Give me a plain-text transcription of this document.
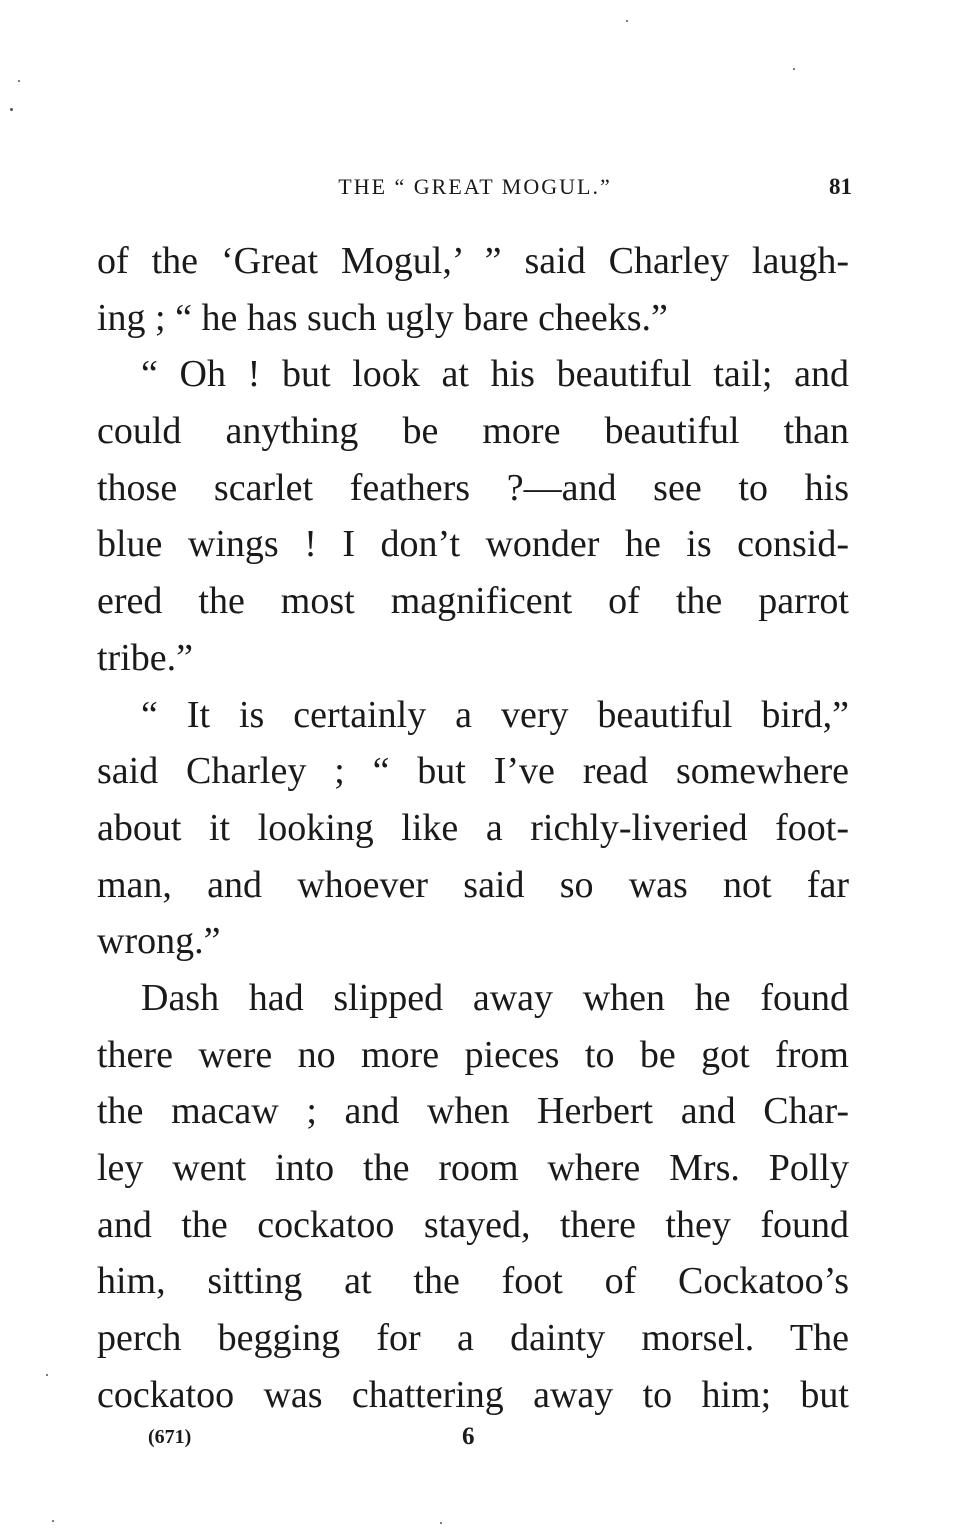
THE “ GREAT MOGUL.”	81
of the ‘Great Mogul,’ ” said Charley laugh-
ing ; “ he has such ugly bare cheeks.”
“ Oh ! but look at his beautiful tail; and
could anything be more beautiful than
those scarlet feathers ?—and see to his
blue wings ! I don’t wonder he is consid-
ered the most magnificent of the parrot
tribe.”
“ It is certainly a very beautiful bird,”
said Charley ; “ but I’ve read somewhere
about it looking like a richly-liveried foot-
man, and whoever said so was not far
wrong.”
Dash had slipped away when he found
there were no more pieces to be got from
the macaw ; and when Herbert and Char-
ley went into the room where Mrs. Polly
and the cockatoo stayed, there they found
him, sitting at the foot of Cockatoo’s
perch begging for a dainty morsel. The
cockatoo was chattering away to him; but
(671)	6
